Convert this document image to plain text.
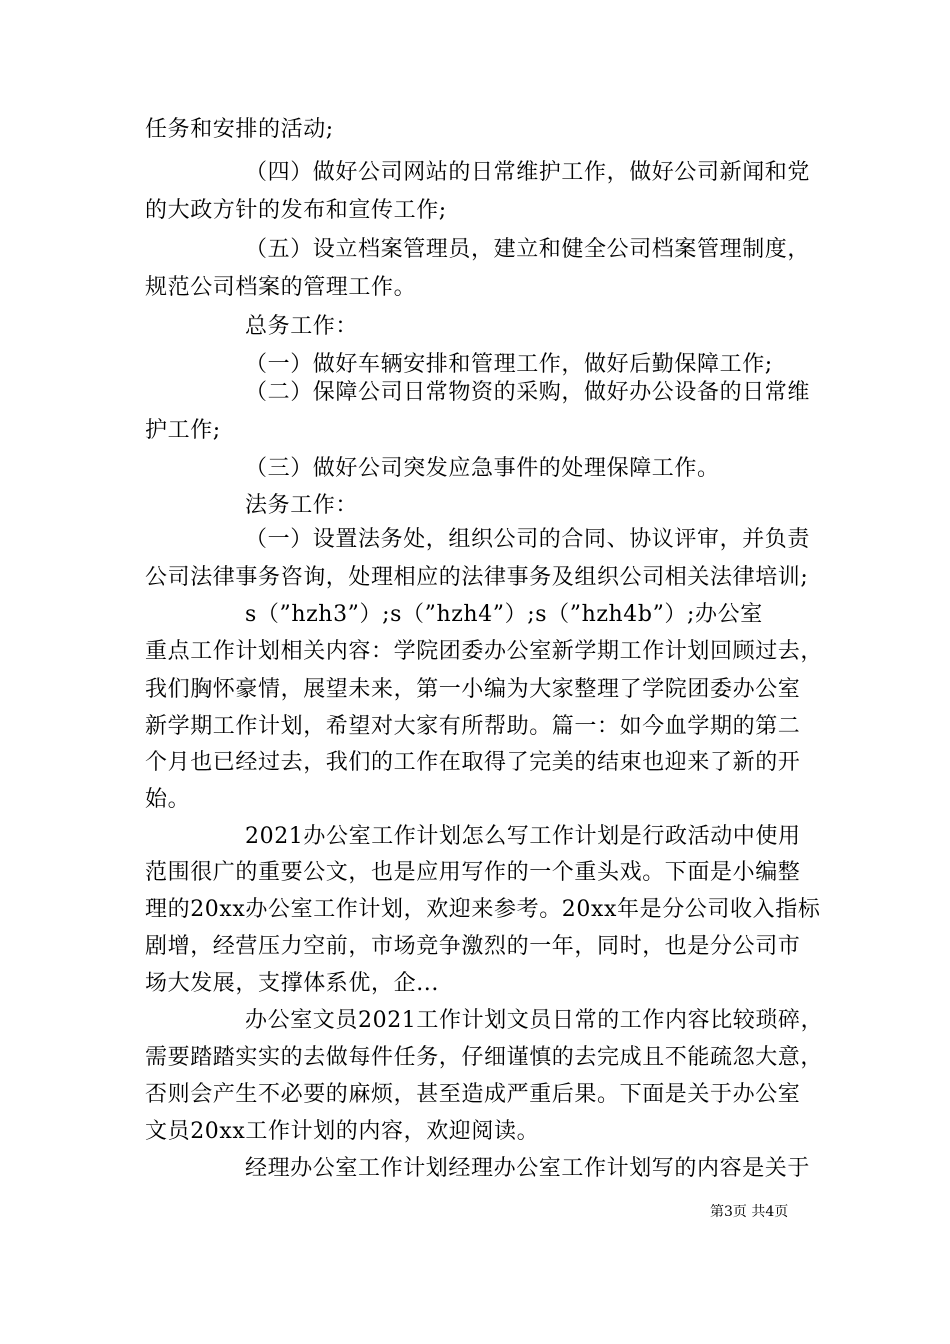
任务和安排的活动;
（四）做好公司网站的日常维护工作，做好公司新闻和党
的大政方针的发布和宣传工作;
（五）设立档案管理员，建立和健全公司档案管理制度，
规范公司档案的管理工作。
总务工作：
（一）做好车辆安排和管理工作，做好后勤保障工作;
（二）保障公司日常物资的采购，做好办公设备的日常维
护工作;
（三）做好公司突发应急事件的处理保障工作。
法务工作：
（一）设置法务处，组织公司的合同、协议评审，并负责
公司法律事务咨询，处理相应的法律事务及组织公司相关法律培训;
s（”hzh3”）;s（”hzh4”）;s（”hzh4b”）;办公室
重点工作计划相关内容：学院团委办公室新学期工作计划回顾过去，
我们胸怀豪情，展望未来，第一小编为大家整理了学院团委办公室
新学期工作计划，希望对大家有所帮助。篇一：如今血学期的第二
个月也已经过去，我们的工作在取得了完美的结束也迎来了新的开
始。
2021办公室工作计划怎么写工作计划是行政活动中使用
范围很广的重要公文，也是应用写作的一个重头戏。下面是小编整
理的20xx办公室工作计划，欢迎来参考。20xx年是分公司收入指标
剧增，经营压力空前，市场竞争激烈的一年，同时，也是分公司市
场大发展，支撑体系优，企...
办公室文员2021工作计划文员日常的工作内容比较琐碎，
需要踏踏实实的去做每件任务，仔细谨慎的去完成且不能疏忽大意，
否则会产生不必要的麻烦，甚至造成严重后果。下面是关于办公室
文员20xx工作计划的内容，欢迎阅读。
经理办公室工作计划经理办公室工作计划写的内容是关于
第3页 共4页
